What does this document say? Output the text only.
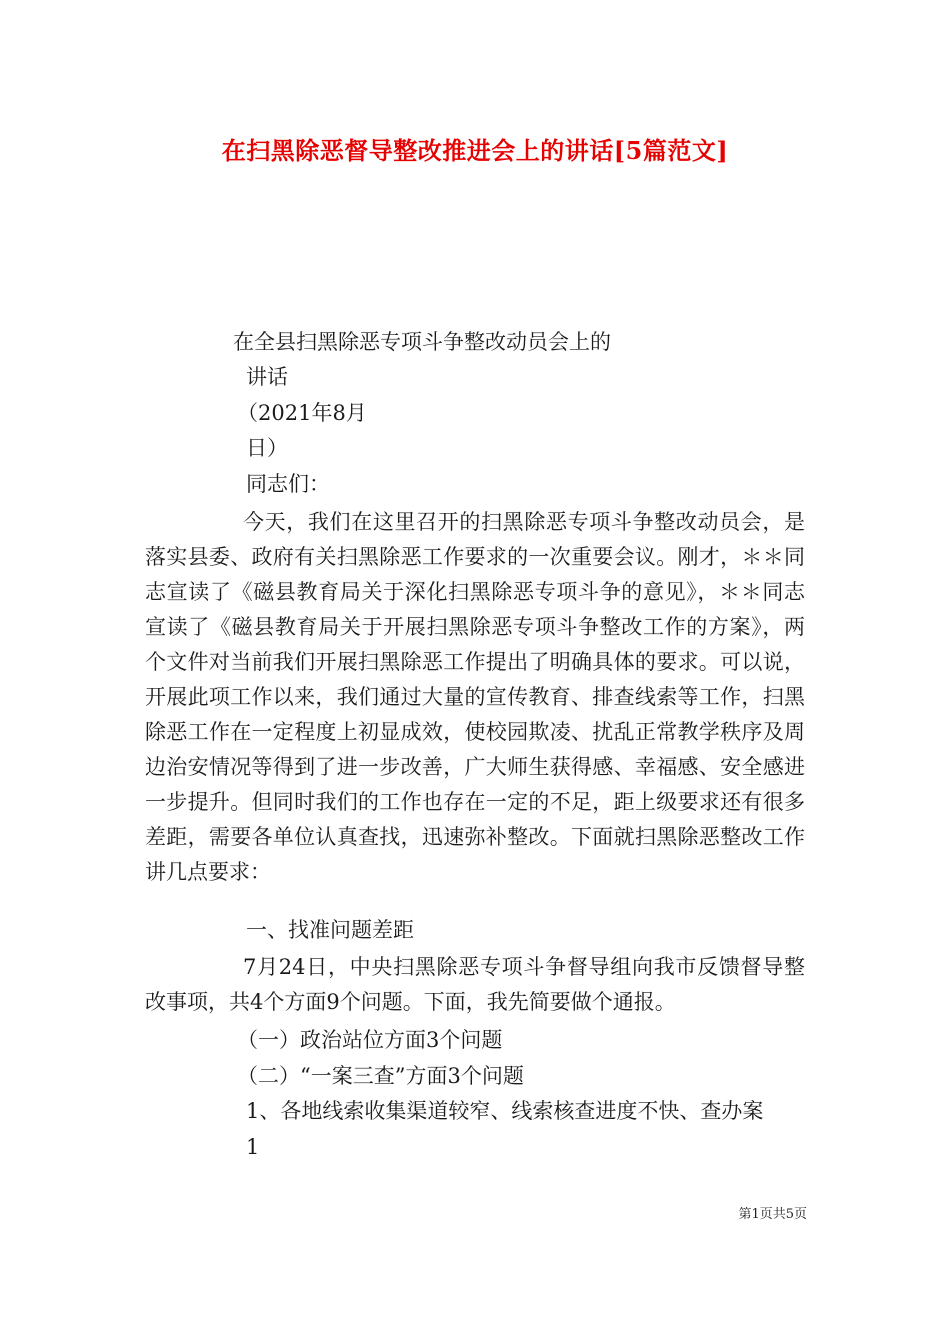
在扫黑除恶督导整改推进会上的讲话[5篇范文]
在全县扫黑除恶专项斗争整改动员会上的
讲话
（2021年8月
日）
同志们：

今天，我们在这里召开的扫黑除恶专项斗争整改动员会，是落实县委、政府有关扫黑除恶工作要求的一次重要会议。刚才，＊＊同志宣读了《磁县教育局关于深化扫黑除恶专项斗争的意见》，＊＊同志宣读了《磁县教育局关于开展扫黑除恶专项斗争整改工作的方案》，两个文件对当前我们开展扫黑除恶工作提出了明确具体的要求。可以说，开展此项工作以来，我们通过大量的宣传教育、排查线索等工作，扫黑除恶工作在一定程度上初显成效，使校园欺凌、扰乱正常教学秩序及周边治安情况等得到了进一步改善，广大师生获得感、幸福感、安全感进一步提升。但同时我们的工作也存在一定的不足，距上级要求还有很多差距，需要各单位认真查找，迅速弥补整改。下面就扫黑除恶整改工作讲几点要求：

一、找准问题差距

7月24日，中央扫黑除恶专项斗争督导组向我市反馈督导整改事项，共4个方面9个问题。下面，我先简要做个通报。

（一）政治站位方面3个问题
（二）“一案三查”方面3个问题
1、各地线索收集渠道较窄、线索核查进度不快、查办案
1
第1页共5页
